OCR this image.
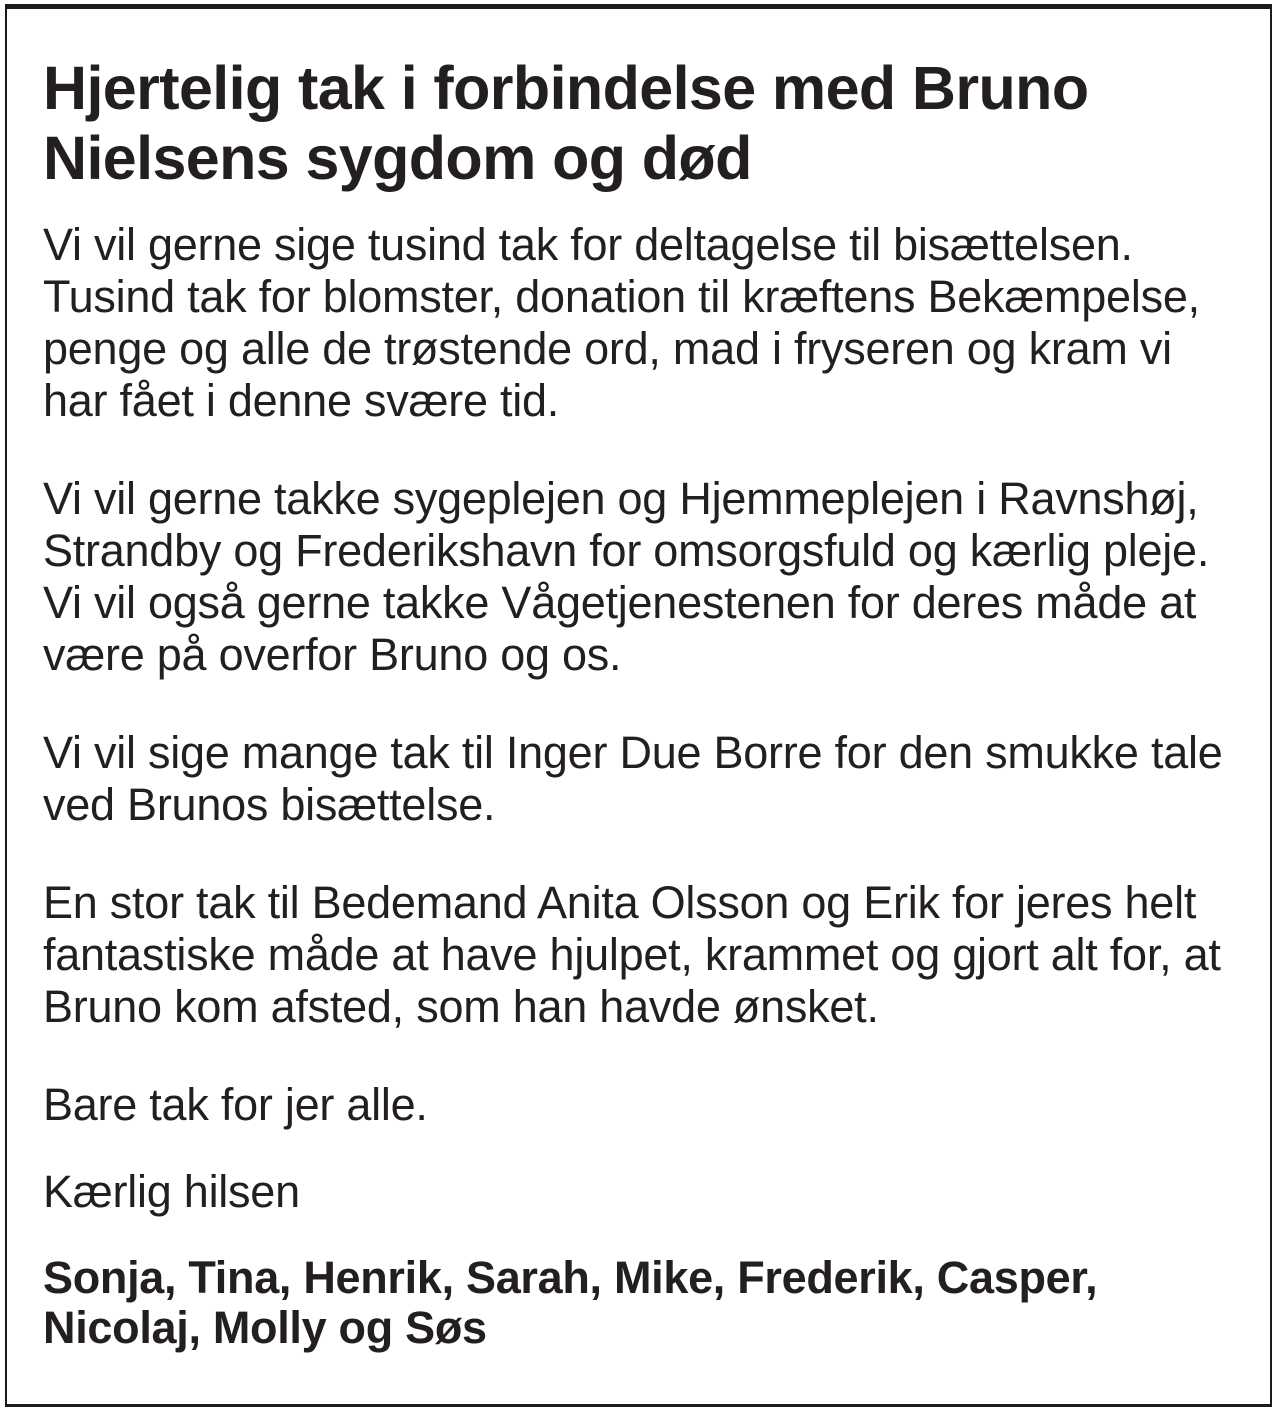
Hjertelig tak i forbindelse med Bruno Nielsens sygdom og død

Vi vil gerne sige tusind tak for deltagelse til bisættelsen. Tusind tak for blomster, donation til kræftens Bekæmpelse, penge og alle de trøstende ord, mad i fryseren og kram vi har fået i denne svære tid.

Vi vil gerne takke sygeplejen og Hjemmeplejen i Ravnshøj, Strandby og Frederikshavn for omsorgsfuld og kærlig pleje. Vi vil også gerne takke Vågetjenestenen for deres måde at være på overfor Bruno og os.

Vi vil sige mange tak til Inger Due Borre for den smukke tale ved Brunos bisættelse.

En stor tak til Bedemand Anita Olsson og Erik for jeres helt fantastiske måde at have hjulpet, krammet og gjort alt for, at Bruno kom afsted, som han havde ønsket.

Bare tak for jer alle.

Kærlig hilsen

Sonja, Tina, Henrik, Sarah, Mike, Frederik, Casper, Nicolaj, Molly og Søs
